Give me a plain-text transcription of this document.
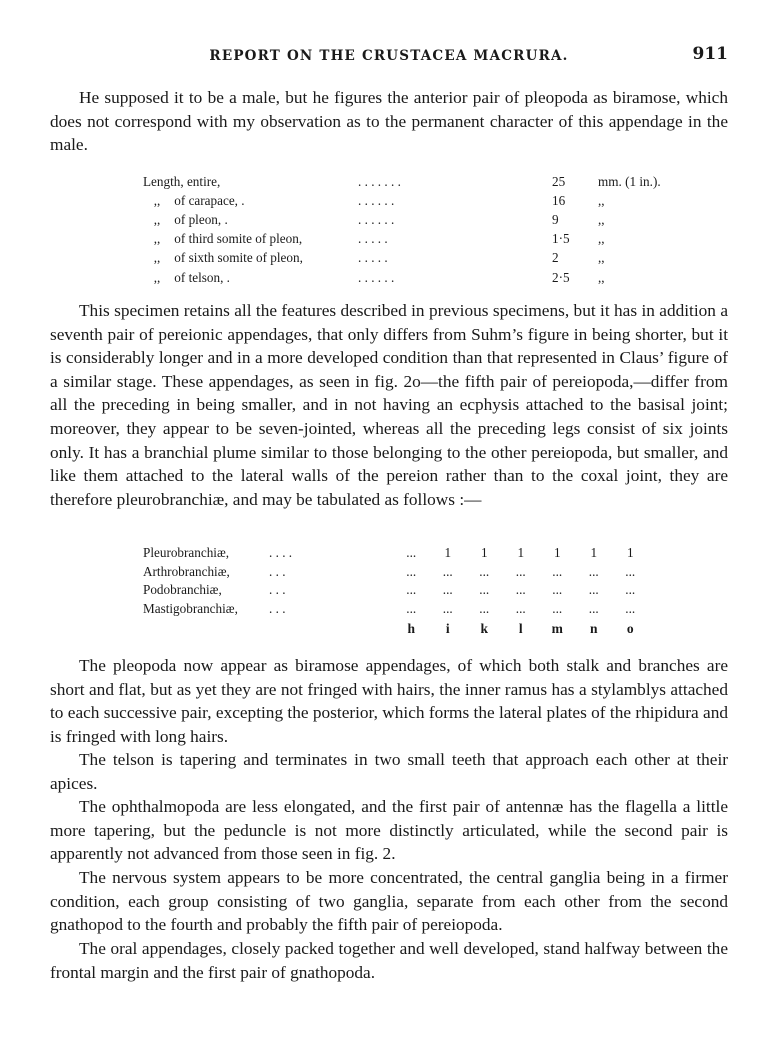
REPORT ON THE CRUSTACEA MACRURA.	911

He supposed it to be a male, but he figures the anterior pair of pleopoda as biramose, which does not correspond with my observation as to the permanent character of this appendage in the male.

Length, entire,	. . . . . . .	25	mm. (1 in.).
,, of carapace, .	. . . . . .	16	,,
,, of pleon, .	. . . . . .	9	,,
,, of third somite of pleon,	. . . . .	1·5	,,
,, of sixth somite of pleon,	. . . . .	2	,,
,, of telson, .	. . . . . .	2·5	,,

This specimen retains all the features described in previous specimens, but it has in addition a seventh pair of pereionic appendages, that only differs from Suhm’s figure in being shorter, but it is considerably longer and in a more developed condition than that represented in Claus’ figure of a similar stage. These appendages, as seen in fig. 2o—the fifth pair of pereiopoda,—differ from all the preceding in being smaller, and in not having an ecphysis attached to the basisal joint; moreover, they appear to be seven-jointed, whereas all the preceding legs consist of six joints only. It has a branchial plume similar to those belonging to the other pereiopoda, but smaller, and like them attached to the lateral walls of the pereion rather than to the coxal joint, they are therefore pleurobranchiæ, and may be tabulated as follows :—

Pleurobranchiæ,	. . . .	...	1	1	1	1	1	1
Arthrobranchiæ,	. . .	...	...	...	...	...	...	...
Podobranchiæ,	. . .	...	...	...	...	...	...	...
Mastigobranchiæ,	. . .	...	...	...	...	...	...	...
		h	i	k	l	m	n	o

The pleopoda now appear as biramose appendages, of which both stalk and branches are short and flat, but as yet they are not fringed with hairs, the inner ramus has a stylamblys attached to each successive pair, excepting the posterior, which forms the lateral plates of the rhipidura and is fringed with long hairs.

The telson is tapering and terminates in two small teeth that approach each other at their apices.

The ophthalmopoda are less elongated, and the first pair of antennæ has the flagella a little more tapering, but the peduncle is not more distinctly articulated, while the second pair is apparently not advanced from those seen in fig. 2.

The nervous system appears to be more concentrated, the central ganglia being in a firmer condition, each group consisting of two ganglia, separate from each other from the second gnathopod to the fourth and probably the fifth pair of pereiopoda.

The oral appendages, closely packed together and well developed, stand halfway between the frontal margin and the first pair of gnathopoda.
